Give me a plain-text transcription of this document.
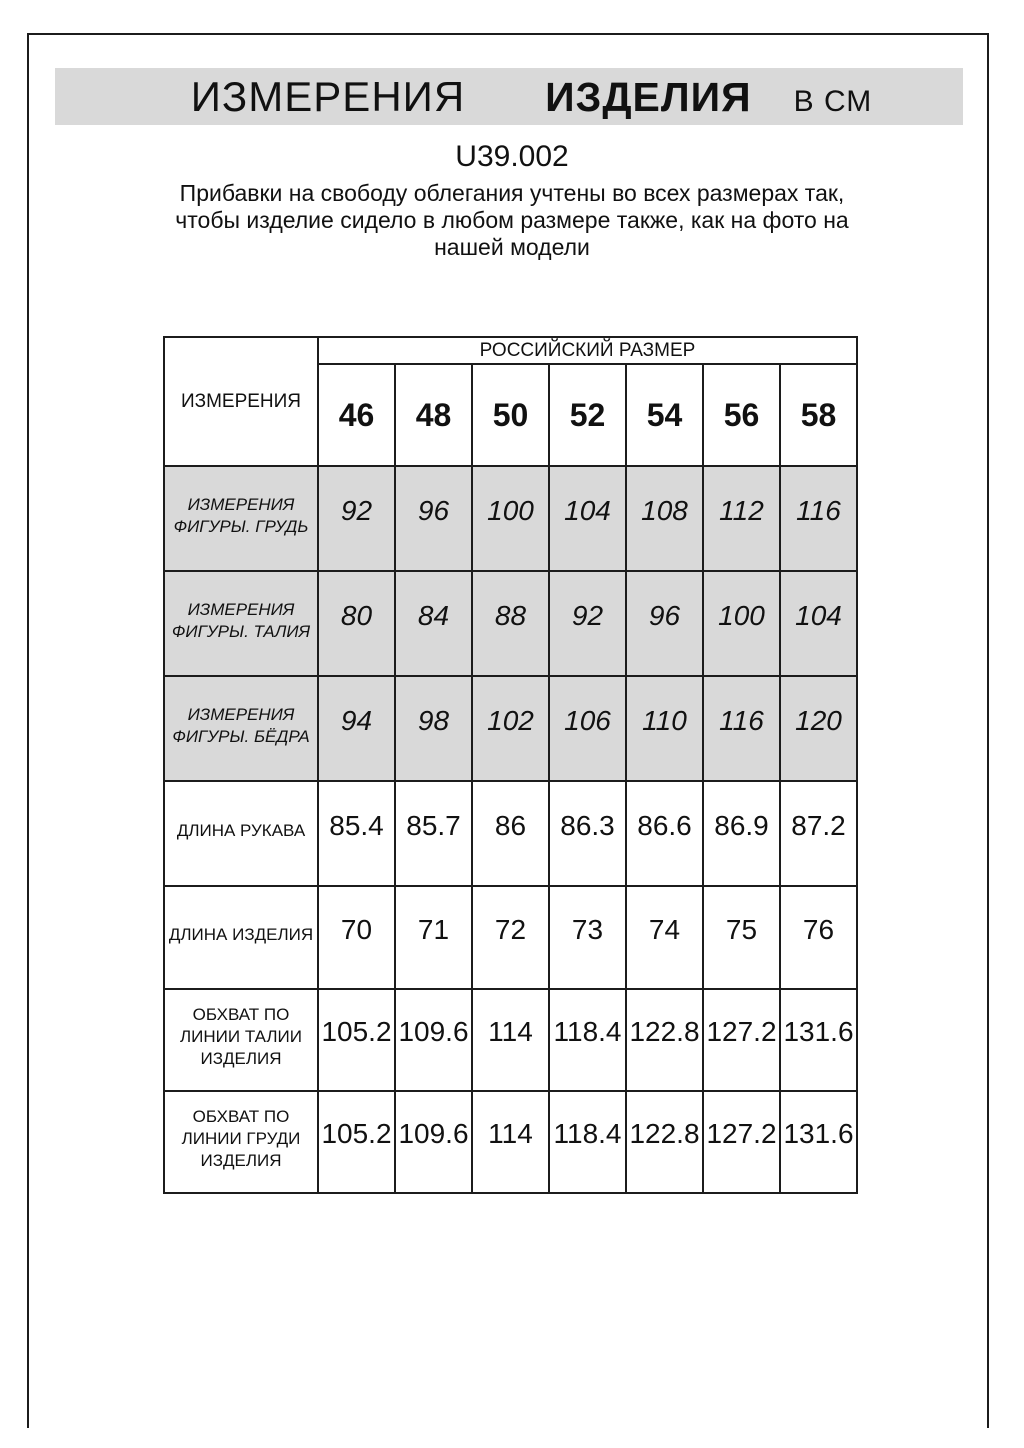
ИЗМЕРЕНИЯ ИЗДЕЛИЯ В СМ
U39.002
Прибавки на свободу облегания учтены во всех размерах так,
чтобы изделие сидело в любом размере также, как на фото на
нашей модели
ИЗМЕРЕНИЯ	РОССИЙСКИЙ РАЗМЕР						
	46	48	50	52	54	56	58

ИЗМЕРЕНИЯ
ФИГУРЫ. ГРУДЬ	92	96	100	104	108	112	116

ИЗМЕРЕНИЯ
ФИГУРЫ. ТАЛИЯ	80	84	88	92	96	100	104

ИЗМЕРЕНИЯ
ФИГУРЫ. БЁДРА	94	98	102	106	110	116	120

ДЛИНА РУКАВА	85.4	85.7	86	86.3	86.6	86.9	87.2

ДЛИНА ИЗДЕЛИЯ	70	71	72	73	74	75	76

ОБХВАТ ПО
ЛИНИИ ТАЛИИ
ИЗДЕЛИЯ	105.2	109.6	114	118.4	122.8	127.2	131.6

ОБХВАТ ПО
ЛИНИИ ГРУДИ
ИЗДЕЛИЯ	105.2	109.6	114	118.4	122.8	127.2	131.6
